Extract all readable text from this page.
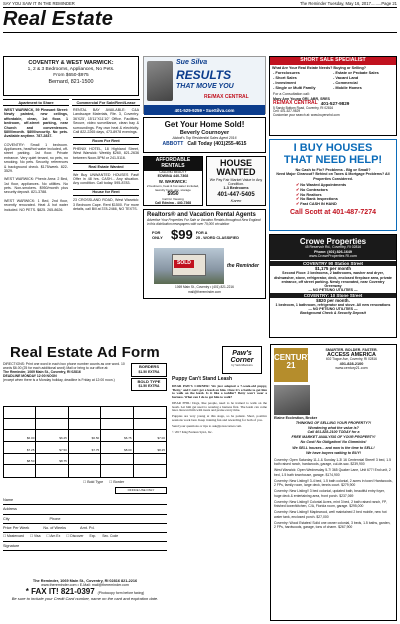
SAY YOU SAW IT IN THE REMINDER	The Reminder Tuesday, May 16, 2017.........Page 21
Real Estate
COVENTRY & WEST WARWICK:
1, 2 & 3 Bedrooms, Appliances, No Pets.
From $650-$975
Bernard, 821-1500
Sue Silva
RESULTS
THAT MOVE YOU
RE/MAX CENTRAL
401-529-9259 • SueSilva.com
SHORT SALE SPECIALIST
What Are Your Real Estate Needs? Buying or Selling?
- Foreclosures	- Estate or Probate Sales
- Short Sales	- Vacant Land
- Investment	- Commercial
- Single or Multi Family	- Mobile Homes
For a Consultation call:
Mary Ann Young GRI, ABR, SRES
RE/MAX CENTRAL 401-527-9829
5 Sandy Bottom Road, Coventry, RI 02816
Cell: 401-527-9829
Customize your search at: www.buyersrhd.com
Apartment to Share

WEST WARWICK, 59 Pleasant Street: Newly painted, new ceilings, affordable, clean, 1st floor, 1 bedroom, off-street parking, near Church and conveniences. $800/month. $800/security. No pets. Available anytime. 787-2837.

COVENTRY: Small 1 bedroom. Appliances, heat/hot water included, off-street parking. 1st floor. Private entrance. Very quiet tenant, no pets, no smoking. No pets. Security, references & background check. $175/week. 822-3529.

WEST WARWICK: Phenix Area: 2 Bed, 1st floor, appliances. No utilities. No pets. Non-smokers. $950/month plus security deposit. 821-3788.

WEST WARWICK: 1 Bed, 2nd floor, recently renovated. Heat & hot water included. NO PETS. $825. 265-8626.

Commercial For Sale/Rent/Lease

RENTAL BAY AVAILABLE: C&A Landscape Materials, Rte. 3, Coventry. 36'X25', 15'11"X11'10" Office. Facilities. Secure, video surveillance, clean bay & surroundings. Pay own heat & electricity. Call 822-2265 days, 473-8978 evenings.

Room For Rent

PHENIX HOTEL, 18 Highland Street, West Warwick: Weekly $260, 821-2636 between Noon-5PM or 241-5116.

Real Estate Wanted

We Buy UNWANTED HOUSES Fast! Offer in 48 hrs. CASH... Any situation. Any condition. Call today. 595-8783.

House for Rent

23 CROSSLAND ROAD, West Warwick: 3 Bedroom Cape. Rent $1500. For more details, call Bill at 378-2466, NO TEXTS.

Get Your Home Sold!
Beverly Cournoyer
Abbott's Top Residential Sales Agent 2016
ABBOTT Call Today (401)255-4615
AFFORDABLE RENTALS
CALLING BEAUTY
EDWINA 440-7368
W. WARWICK:
2 bedroom, heat & hot water included, laundry hook ups, storage
$950
Call for Viewing
Call Edwina - 440-7368
HOUSE WANTED
We Pay Fair Market Value in Any Condition.
1-3 Bedrooms
401-447-5405
Karen
Realtors® and Vacation Rental Agents
Advertise Your Properties For Sale or Vacation Rentals throughout New England in this distribution newspapers with over 79,000 circulation
FOR ONLY $99 FOR A
25 - WORD CLASSIFIED
SOLD	the Reminder
1069 Main St., Coventry • (401) 821-2216
mail@thereminder.com
I BUY HOUSES
THAT NEED HELP!
No Cash to Fix? Problems - Big or Small?
Need Major Cleanout? Behind on Taxes & Mortgage Problems? All Properties Considered.
✔ No Wasted Appointments
✔ No Contractors
✔ No Realtors
✔ No Bank Inspections
✔ Fast CASH IN HAND
Call Scott at 401-487-7274
Crowe Properties
45 Reservoir Rd., Coventry, RI 02816
Phone: (401) 826-1649
www.CroweProperties RI.com
COVENTRY 90 Station Street
$1,175 per month
Second Floor: 2 bedrooms, 2 bathrooms, washer and dryer, dishwasher, stove, refrigerator, deck, enclosed fireplace area, private entrance, off street parking. Newly renovated, near Coventry Greenway
— NO PETS/NO UTILITIES —
COVENTRY: 10 Stone Street
$820 per month.
1 bedroom, 1 bathroom, refrigerator and stove. All new renovations
— NO PETS/NO UTILITIES —
Background Check & Security Deposit
Real Estate Ad Form
DIRECTIONS: Print one word in each box phone number counts as one word. 10 words $6.00 (25 for each additional word) Mail or bring to our office at:
The Reminder, 1069 Main St., Coventry, RI 02816
DEADLINE MONDAY 12:00 NOON
(except when there is a Monday holiday, deadline is Friday at 12:00 noon.)
BORDERS
$1.50 EXTRA
BOLD TYPE
$1.50 EXTRA
$6.00	$6.25	$6.50	$6.75	$7.00
$7.25	$7.50	$7.75	$8.00	$8.25
$8.50	$8.75
☐ Bold Type ☐ Border
OFFICE USE ONLY
Name
Address
City	Phone
Price Per Week	No. of Weeks	Amt. Pd.
☐ Mastercard ☐ Visa ☐ Am Ex ☐ Discover Exp. Sec. Code
Signature
The Reminder, 1069 Main St., Coventry, RI 02816 821-2216
www.thereminder.com • E-Mail: mail@thereminder.com
* FAX IT! 821-0397 (Photocopy form before faxing)
Be sure to include your Credit Card number, name on the card and expiration date.
Paw's Corner
by Sam Mazzotta
Puppy Can't Stand Leash

DEAR PAW'S CORNER: We just adopted a 7-week-old puppy, 'Betty,' and I can't get a leash on him. Once it's a battle to get him to walk on the leash. Is it like a toddler? Betty won't wear a harness. What can I do to get him to walk?

DEAR PHIL: Dogs, like people, need to be trained to walk on the leash. Let him get used to wearing a harness first. The leash can come later. Reward him with treats and praise every time.

Puppies are very young at this stage, so be patient. Short, positive sessions work best. Keep training fun and rewarding for both of you.

Send your questions or tips to ask@pawscorner.com.

© 2017 King Features Synd., Inc.

CENTURY 21
SMARTER. BOLDER. FASTER.
ACCESS AMERICA
602 Tiogue Ave, Coventry, RI 02816
401-828-2100
www.century21.com
Elaine Ecclestion, Broker
THINKING OF SELLING YOUR PROPERTY?!
Wondering what the value is?
Call 401-828-2100 TODAY for a
FREE MARKET ANALYSIS OF YOUR PROPERTY!
No Cost! No Obligation! No Gimmicks!
We SELL houses... and now is the time to SELL!
We have buyers waiting to BUY!

Coventry: Open Saturday 11-1 & Sunday 1-3! 16 Centennial Street! 3 bed, 1.5 bath raised ranch, hardwoods, garage, cul-de-sac. $239,900

West Warwick: Open Wednesday 5-7! 365 Quaker Lane, Unit 677! End unit, 2 bed, 1.5 bath townhouse, garage. $174,900

Coventry: New Listing!! 3-4 bed, 1.5 bath colonial, 2 acres in town! Hardwoods, 2 FPs, family room, large deck, tennis court. $279,900

Coventry: New Listing!! 3 bed colonial, updated bath, beautiful entry foyer, huge deck & entertaining area, front porch. $237,069

Coventry: New Listing!! Colonial Acres, mint 3 bed, 2 bath raised ranch, FP, finished lower/kitchen, C/A, Florida room, garage. $295,000

Coventry: New Listing!! Maplewood, well maintained 2 bed mobile, new hot water tank, enclosed porch. $27,000

Coventry: Wood Estates! Solid one owner colonial, 3 beds, 1.5 baths, garden, 2 FPs, hardwoods, garage, tons of charm. $267,900
